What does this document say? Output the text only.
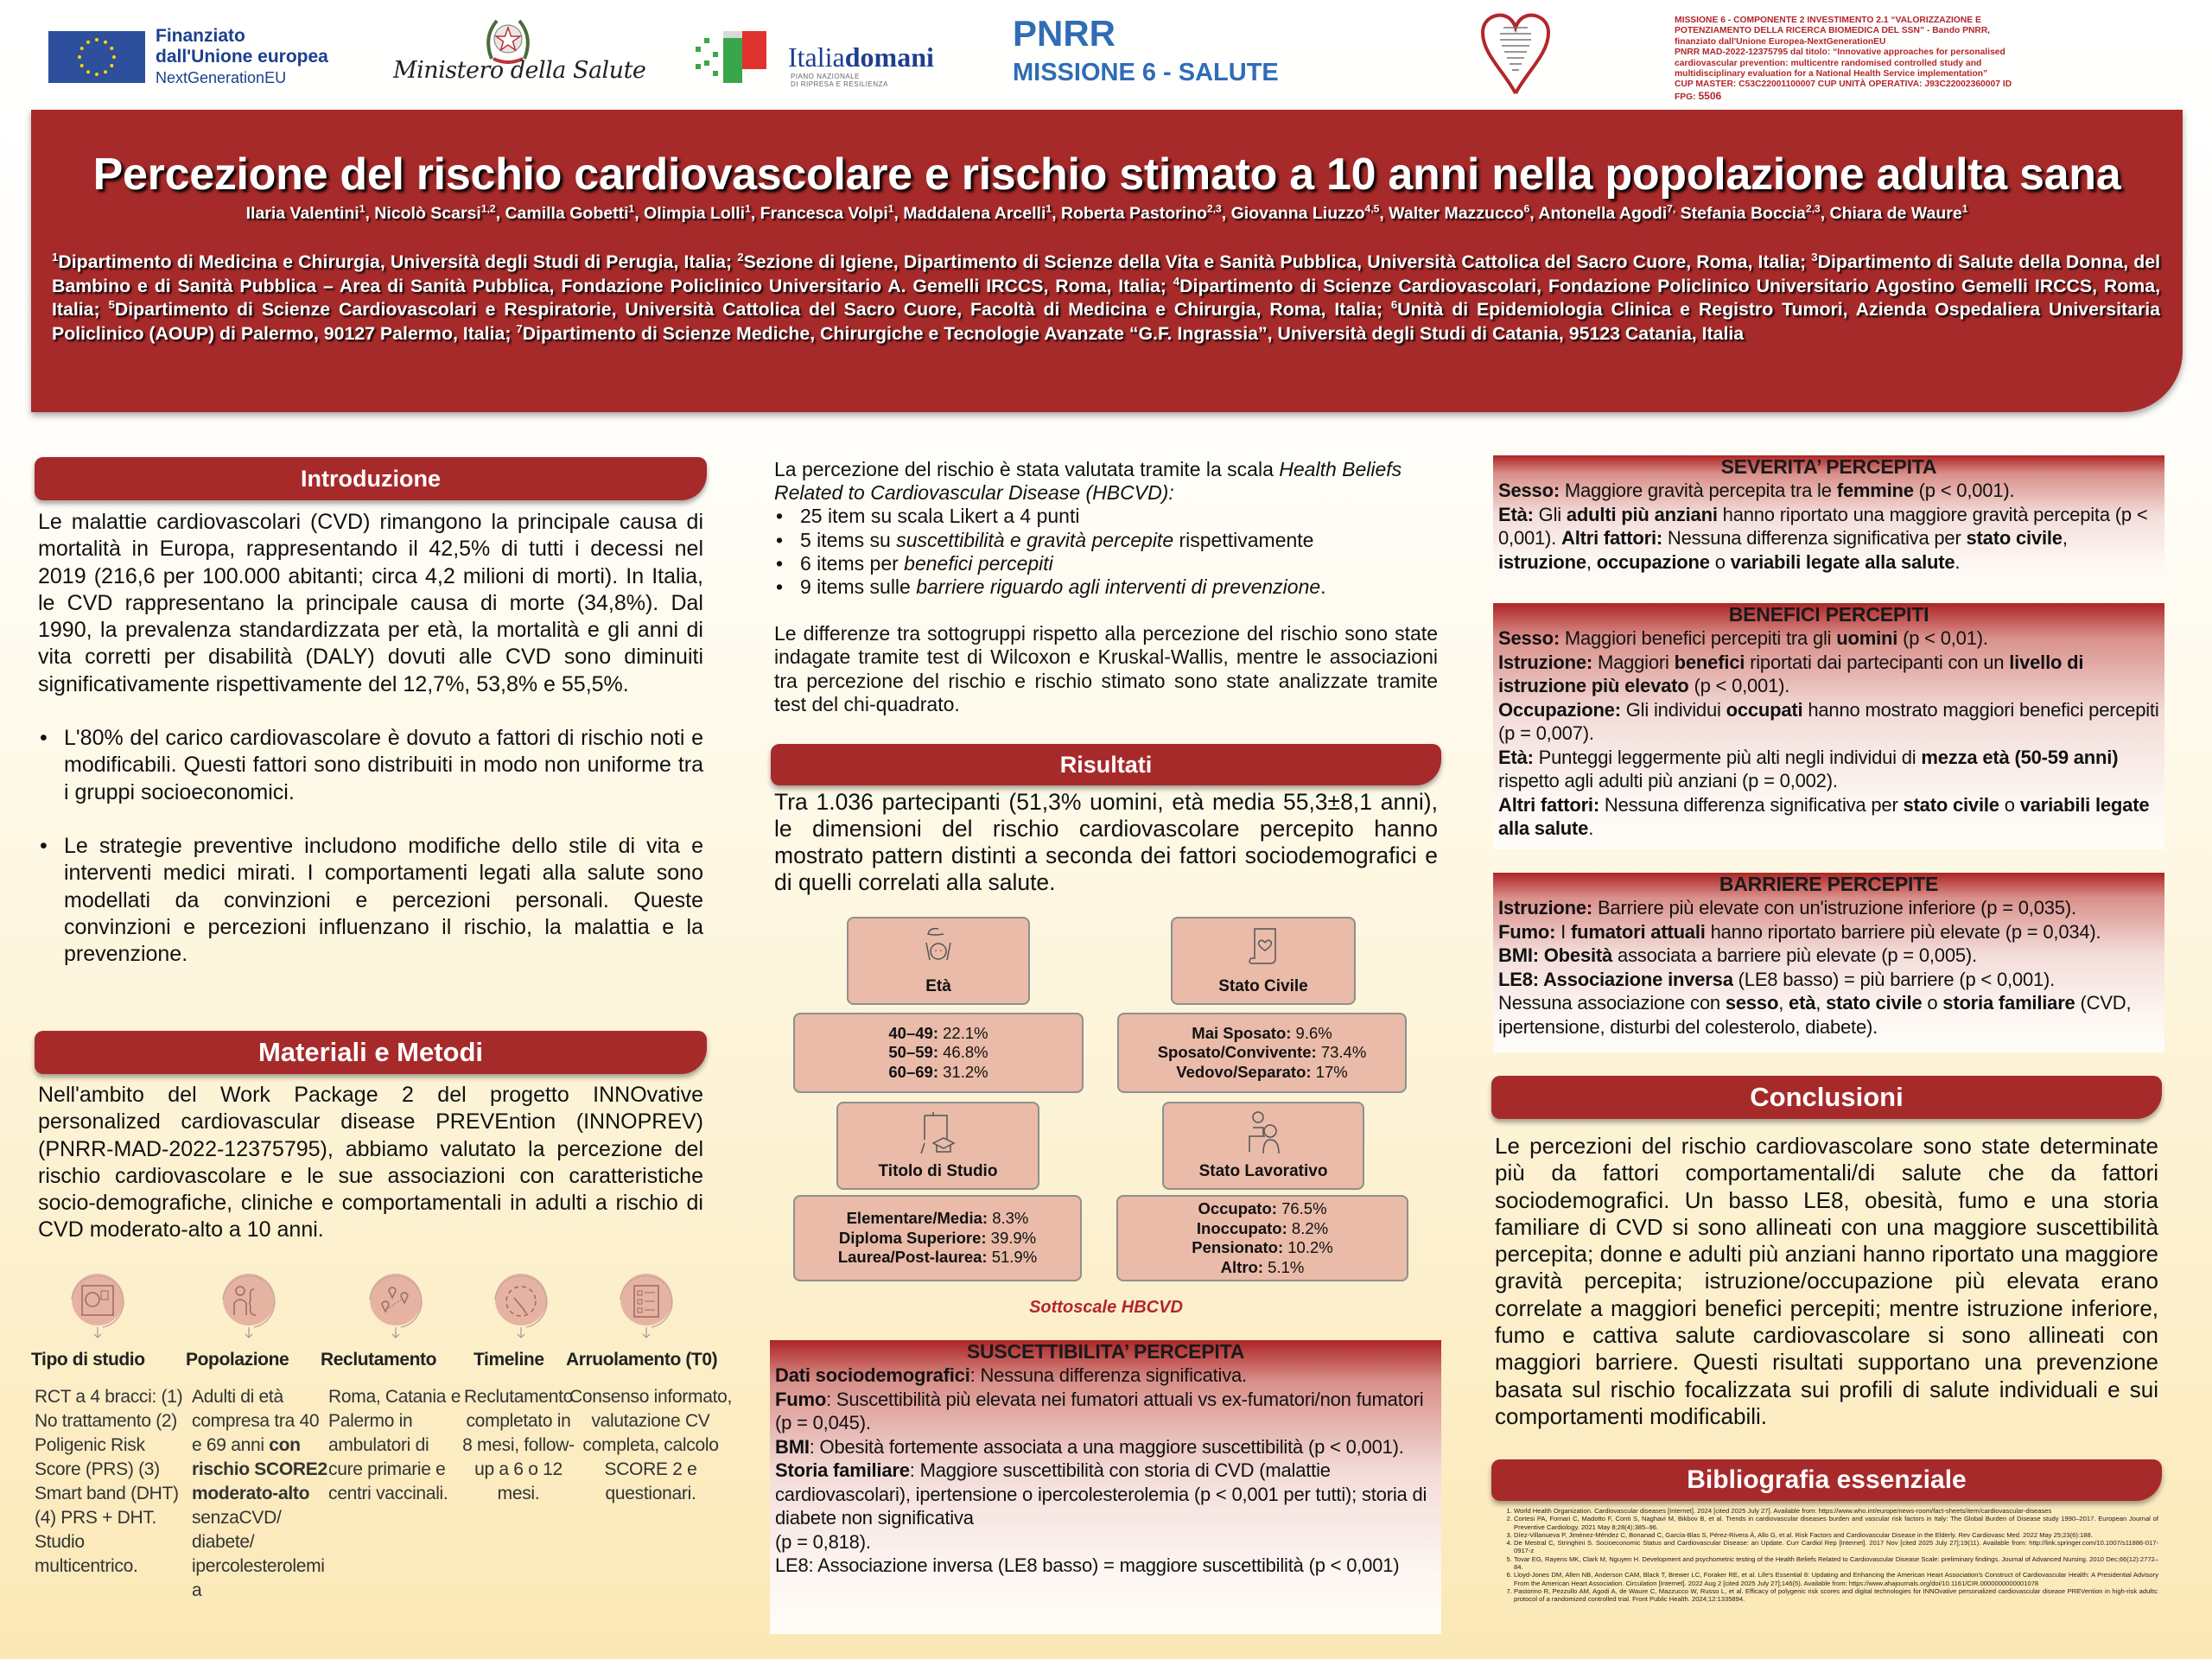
Finanziato
dall'Unione europea
NextGenerationEU	Ministero della Salute	Italiadomani
PIANO NAZIONALE
DI RIPRESA E RESILIENZA
PNRR
MISSIONE 6 - SALUTE
MISSIONE 6 - COMPONENTE 2 INVESTIMENTO 2.1 “VALORIZZAZIONE E
POTENZIAMENTO DELLA RICERCA BIOMEDICA DEL SSN” - Bando PNRR,
finanziato dall'Unione Europea-NextGenerationEU
PNRR MAD-2022-12375795 dal titolo: “Innovative approaches for personalised
cardiovascular prevention: multicentre randomised controlled study and
multidisciplinary evaluation for a National Health Service implementation”
CUP MASTER: C53C22001100007 CUP UNITÀ OPERATIVA: J93C22002360007 ID
FPG: 5506
Percezione del rischio cardiovascolare e rischio stimato a 10 anni nella popolazione adulta sana
Ilaria Valentini$^1$, Nicolò Scarsi$^{1,2}$, Camilla Gobetti$^1$, Olimpia Lolli$^1$, Francesca Volpi$^1$, Maddalena Arcelli$^1$, Roberta Pastorino$^{2,3}$, Giovanna Liuzzo$^{4,5}$, Walter Mazzucco$^6$, Antonella Agodi$^{7,}$ Stefania Boccia$^{2,3}$, Chiara de Waure$^1$
$^1$Dipartimento di Medicina e Chirurgia, Università degli Studi di Perugia, Italia; $^2$Sezione di Igiene, Dipartimento di Scienze della Vita e Sanità Pubblica, Università Cattolica del Sacro Cuore, Roma, Italia; $^3$Dipartimento di Salute della Donna, del Bambino e di Sanità Pubblica – Area di Sanità Pubblica, Fondazione Policlinico Universitario A. Gemelli IRCCS, Roma, Italia; $^4$Dipartimento di Scienze Cardiovascolari, Fondazione Policlinico Universitario Agostino Gemelli IRCCS, Roma, Italia; $^5$Dipartimento di Scienze Cardiovascolari e Respiratorie, Università Cattolica del Sacro Cuore, Facoltà di Medicina e Chirurgia, Roma, Italia; $^6$Unità di Epidemiologia Clinica e Registro Tumori, Azienda Ospedaliera Universitaria Policlinico (AOUP) di Palermo, 90127 Palermo, Italia; $^7$Dipartimento di Scienze Mediche, Chirurgiche e Tecnologie Avanzate “G.F. Ingrassia”, Università degli Studi di Catania, 95123 Catania, Italia
Introduzione

Le malattie cardiovascolari (CVD) rimangono la principale causa di mortalità in Europa, rappresentando il 42,5% di tutti i decessi nel 2019 (216,6 per 100.000 abitanti; circa 4,2 milioni di morti). In Italia, le CVD rappresentano la principale causa di morte (34,8%). Dal 1990, la prevalenza standardizzata per età, la mortalità e gli anni di vita corretti per disabilità (DALY) dovuti alle CVD sono diminuiti significativamente rispettivamente del 12,7%, 53,8% e 55,5%.

• L'80% del carico cardiovascolare è dovuto a fattori di rischio noti e modificabili. Questi fattori sono distribuiti in modo non uniforme tra i gruppi socioeconomici.
• Le strategie preventive includono modifiche dello stile di vita e interventi medici mirati. I comportamenti legati alla salute sono modellati da convinzioni e percezioni personali. Queste convinzioni e percezioni influenzano il rischio, la malattia e la prevenzione.
Materiali e Metodi
Nell'ambito del Work Package 2 del progetto INNOvative personalized cardiovascular disease PREVEntion (INNOPREV) (PNRR-MAD-2022-12375795), abbiamo valutato la percezione del rischio cardiovascolare e le sue associazioni con caratteristiche socio-demografiche, cliniche e comportamentali in adulti a rischio di CVD moderato-alto a 10 anni.
Tipo di studio
RCT a 4 bracci: (1) No trattamento (2) Poligenic Risk Score (PRS) (3) Smart band (DHT) (4) PRS + DHT. Studio multicentrico.
Popolazione
Adulti di età compresa tra 40 e 69 anni con rischio SCORE2 moderato-alto senzaCVD/ diabete/ ipercolesterolemia
Reclutamento
Roma, Catania e Palermo in ambulatori di cure primarie e centri vaccinali.
Timeline
Reclutamento completato in 8 mesi, follow-up a 6 o 12 mesi.
Arruolamento (T0)
Consenso informato, valutazione CV completa, calcolo SCORE 2 e questionari.

La percezione del rischio è stata valutata tramite la scala Health Beliefs Related to Cardiovascular Disease (HBCVD):

• 25 item su scala Likert a 4 punti
• 5 items su suscettibilità e gravità percepite rispettivamente
• 6 items per benefici percepiti
• 9 items sulle barriere riguardo agli interventi di prevenzione.

Le differenze tra sottogruppi rispetto alla percezione del rischio sono state indagate tramite test di Wilcoxon e Kruskal-Wallis, mentre le associazioni tra percezione del rischio e rischio stimato sono state analizzate tramite test del chi-quadrato.

Risultati
Tra 1.036 partecipanti (51,3% uomini, età media 55,3±8,1 anni), le dimensioni del rischio cardiovascolare percepito hanno mostrato pattern distinti a seconda dei fattori sociodemografici e di quelli correlati alla salute.
Età
40–49: 22.1%
50–59: 46.8%
60–69: 31.2%
Stato Civile
Mai Sposato: 9.6%
Sposato/Convivente: 73.4%
Vedovo/Separato: 17%
Titolo di Studio
Elementare/Media: 8.3%
Diploma Superiore: 39.9%
Laurea/Post-laurea: 51.9%
Stato Lavorativo
Occupato: 76.5%
Inoccupato: 8.2%
Pensionato: 10.2%
Altro: 5.1%
Sottoscale HBCVD
SUSCETTIBILITA’ PERCEPITA

Dati sociodemografici: Nessuna differenza significativa.

Fumo: Suscettibilità più elevata nei fumatori attuali vs ex-fumatori/non fumatori (p = 0,045).

BMI: Obesità fortemente associata a una maggiore suscettibilità (p < 0,001).

Storia familiare: Maggiore suscettibilità con storia di CVD (malattie cardiovascolari), ipertensione o ipercolesterolemia (p < 0,001 per tutti); storia di diabete non significativa

(p = 0,818).

LE8: Associazione inversa (LE8 basso) = maggiore suscettibilità (p < 0,001)

SEVERITA’ PERCEPITA

Sesso: Maggiore gravità percepita tra le femmine (p < 0,001).

Età: Gli adulti più anziani hanno riportato una maggiore gravità percepita (p < 0,001). Altri fattori: Nessuna differenza significativa per stato civile, istruzione, occupazione o variabili legate alla salute.

BENEFICI PERCEPITI

Sesso: Maggiori benefici percepiti tra gli uomini (p < 0,01).

Istruzione: Maggiori benefici riportati dai partecipanti con un livello di istruzione più elevato (p < 0,001).

Occupazione: Gli individui occupati hanno mostrato maggiori benefici percepiti (p = 0,007).

Età: Punteggi leggermente più alti negli individui di mezza età (50-59 anni) rispetto agli adulti più anziani (p = 0,002).

Altri fattori: Nessuna differenza significativa per stato civile o variabili legate alla salute.

BARRIERE PERCEPITE

Istruzione: Barriere più elevate con un'istruzione inferiore (p = 0,035).

Fumo: I fumatori attuali hanno riportato barriere più elevate (p = 0,034).

BMI: Obesità associata a barriere più elevate (p = 0,005).

LE8: Associazione inversa (LE8 basso) = più barriere (p < 0,001).

Nessuna associazione con sesso, età, stato civile o storia familiare (CVD, ipertensione, disturbi del colesterolo, diabete).

Conclusioni
Le percezioni del rischio cardiovascolare sono state determinate più da fattori comportamentali/di salute che da fattori sociodemografici. Un basso LE8, obesità, fumo e una storia familiare di CVD si sono allineati con una maggiore suscettibilità percepita; donne e adulti più anziani hanno riportato una maggiore gravità percepita; istruzione/occupazione più elevata erano correlate a maggiori benefici percepiti; mentre istruzione inferiore, fumo e cattiva salute cardiovascolare si sono allineati con maggiori barriere. Questi risultati supportano una prevenzione basata sul rischio focalizzata sui profili di salute individuali e sui comportamenti modificabili.
Bibliografia essenziale
1. World Health Organization. Cardiovascular diseases [Internet]. 2024 [cited 2025 July 27]. Available from: https://www.who.int/europe/news-room/fact-sheets/item/cardiovascular-diseases
2. Cortesi PA, Fornari C, Madotto F, Conti S, Naghavi M, Bikbov B, et al. Trends in cardiovascular diseases burden and vascular risk factors in Italy: The Global Burden of Disease study 1990–2017. European Journal of Preventive Cardiology. 2021 May 8;28(4):385–96.
3. Díez-Villanueva P, Jiménez-Méndez C, Bonanad C, García-Blas S, Pérez-Rivera Á, Allo G, et al. Risk Factors and Cardiovascular Disease in the Elderly. Rev Cardiovasc Med. 2022 May 25;23(6):188.
4. De Mestral C, Stringhini S. Socioeconomic Status and Cardiovascular Disease: an Update. Curr Cardiol Rep [Internet]. 2017 Nov [cited 2025 July 27];19(11). Available from: http://link.springer.com/10.1007/s11886-017-0917-z
5. Tovar EG, Rayens MK, Clark M, Nguyen H. Development and psychometric testing of the Health Beliefs Related to Cardiovascular Disease Scale: preliminary findings. Journal of Advanced Nursing. 2010 Dec;66(12):2772–84.
6. Lloyd-Jones DM, Allen NB, Anderson CAM, Black T, Brewer LC, Foraker RE, et al. Life's Essential 8: Updating and Enhancing the American Heart Association's Construct of Cardiovascular Health: A Presidential Advisory From the American Heart Association. Circulation [Internet]. 2022 Aug 2 [cited 2025 July 27];146(5). Available from: https://www.ahajournals.org/doi/10.1161/CIR.0000000000001078
7. Pastorino R, Pezzullo AM, Agodi A, de Waure C, Mazzucco W, Russo L, et al. Efficacy of polygenic risk scores and digital technologies for INNOvative personalized cardiovascular disease PREVention in high-risk adults: protocol of a randomized controlled trial. Front Public Health. 2024;12:1335894.
